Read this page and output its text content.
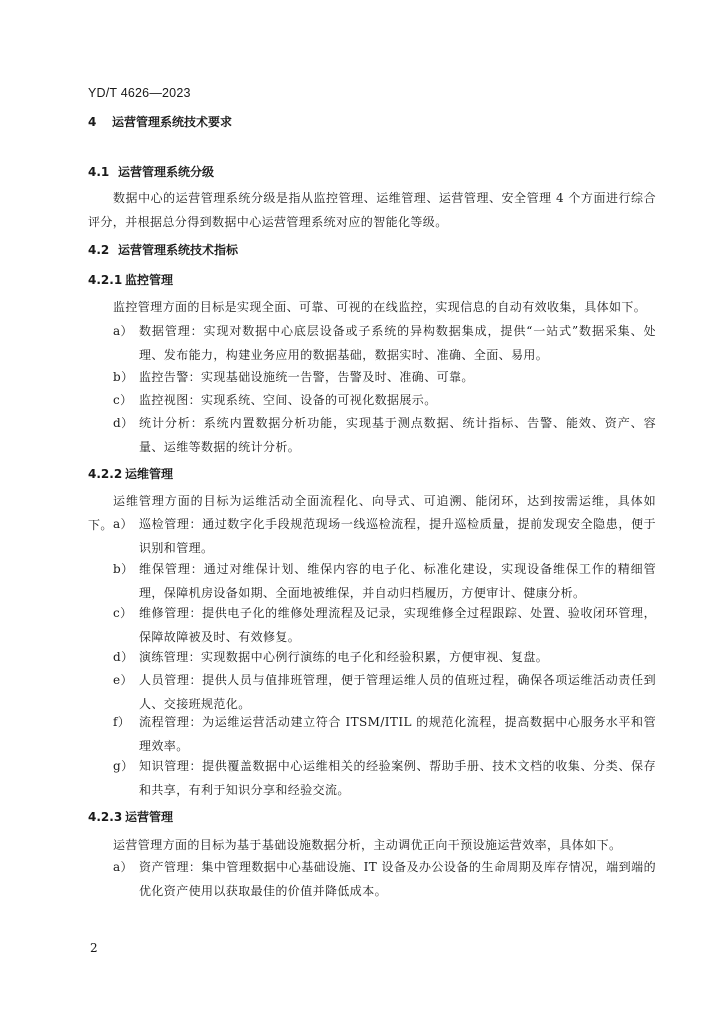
YD/T 4626—2023
4 运营管理系统技术要求
4.1 运营管理系统分级
数据中心的运营管理系统分级是指从监控管理、运维管理、运营管理、安全管理 4 个方面进行综合评分，并根据总分得到数据中心运营管理系统对应的智能化等级。
4.2 运营管理系统技术指标
4.2.1 监控管理
监控管理方面的目标是实现全面、可靠、可视的在线监控，实现信息的自动有效收集，具体如下。
a） 数据管理：实现对数据中心底层设备或子系统的异构数据集成，提供“一站式”数据采集、处理、发布能力，构建业务应用的数据基础，数据实时、准确、全面、易用。
b） 监控告警：实现基础设施统一告警，告警及时、准确、可靠。
c） 监控视图：实现系统、空间、设备的可视化数据展示。
d） 统计分析：系统内置数据分析功能，实现基于测点数据、统计指标、告警、能效、资产、容量、运维等数据的统计分析。
4.2.2 运维管理
运维管理方面的目标为运维活动全面流程化、向导式、可追溯、能闭环，达到按需运维，具体如下。 a） 巡检管理：通过数字化手段规范现场一线巡检流程，提升巡检质量，提前发现安全隐患，便于识别和管理。
b） 维保管理：通过对维保计划、维保内容的电子化、标准化建设，实现设备维保工作的精细管理，保障机房设备如期、全面地被维保，并自动归档履历，方便审计、健康分析。
c） 维修管理：提供电子化的维修处理流程及记录，实现维修全过程跟踪、处置、验收闭环管理，保障故障被及时、有效修复。
d） 演练管理：实现数据中心例行演练的电子化和经验积累，方便审视、复盘。
e） 人员管理：提供人员与值排班管理，便于管理运维人员的值班过程，确保各项运维活动责任到人、交接班规范化。
f） 流程管理：为运维运营活动建立符合 ITSM/ITIL 的规范化流程，提高数据中心服务水平和管理效率。
g） 知识管理：提供覆盖数据中心运维相关的经验案例、帮助手册、技术文档的收集、分类、保存和共享，有利于知识分享和经验交流。
4.2.3 运营管理
运营管理方面的目标为基于基础设施数据分析，主动调优正向干预设施运营效率，具体如下。
a） 资产管理：集中管理数据中心基础设施、IT 设备及办公设备的生命周期及库存情况，端到端的优化资产使用以获取最佳的价值并降低成本。
2
